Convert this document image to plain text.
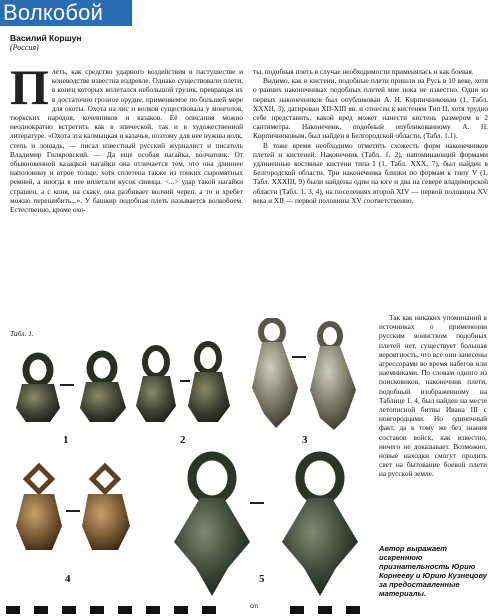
Волкобой
Василий Коршун
(Россия)
П летъ, как средство ударного воздействия в пастушестве и коневодстве известна издревле. Однако существовали плети, в конец которых вплетался небольшой грузик, превращая их в достаточно грозное орудие, применяемое по большей мере для охоты. Охота на лис и волков существовала у монголов, тюркских народов, кочевников и казаков. Её описания можно неоднократно встретить как в эпической, так и в художественной литературе. «Охота эта калмыцкая и казачья, поэтому для нее нужны волк, степь и лошадь, — писал известный русский журналист и писатель Владимир Гиляровский. — Да еще особая нагайка, волчатник. От обыкновенной казацкой нагайки она отличается тем, что она длиннее наполовину и втрое толще, хотя сплетена также из тонких сыромятных ремней, а иногда в нее вплетали кусок свинца. <...> удар такой нагайки страшен, а с коня, на скаку, она разбивает волчий череп, а то и хребет можно перешибить...». У башкир подобная плеть называется волкобоем. Естественно, кроме охо-

ты, подобная плеть в случае необходимости применялась и как боевая.

Видимо, как и кистени, подобные плети пришли на Русь в 10 веке, хотя о ранних наконечниках подобных плетей мне пока не известно. Одни из первых наконечников был опубликован А. Н. Кирпичниковым (1, Табл. XXXII, 3), датирован XII-XIII вв. и отнесен к кистеням Тип II, хотя трудно себе представить, какой вред может нанести кистень размером в 2 сантиметра. Наконечник, подобный опубликованному А. Н. Кирпичниковым, был найден в Белгородской области, (Табл. 1.1).

В тоже время необходимо отметить схожесть форм наконечников плетей и кистеней. Наконечник (Табл. 1. 2), напоминающий формами удлиненные костяные кистени типа I (1, Табл. XXX, 7), был найден в Белгородской области. Три наконечника близки по формам к типу V (1, Табл. XXXIII, 9) были найдены один на юге и два на севере владимирской области (Табл. 1, 3, 4), на поселениях второй XIV — первой половины XV века и XII — первой половины XV соответственно.

Так как никаких упоминаний в источниках о применении русским воинством подобных плетей нет, существует большая вероятность, что все они занесены агрессорами во время набегов или наемниками. По словам одного из поисковиков, наконечник плети, подобный изображенному на Таблице 1. 4, был найден на месте летописной битвы Ивана III с новгородцами. Но одиночный факт, да к тому же без знания составов войск, как известно, ничего не доказывает. Возможно, новые находки смогут пролить свет на бытование боевой плети на русской земле.

Табл. 1.
1	2	3
4	5
Автор выражает искреннюю признательность Юрию Корнееву и Юрию Кузнецову за предоставленные материалы.
cm
